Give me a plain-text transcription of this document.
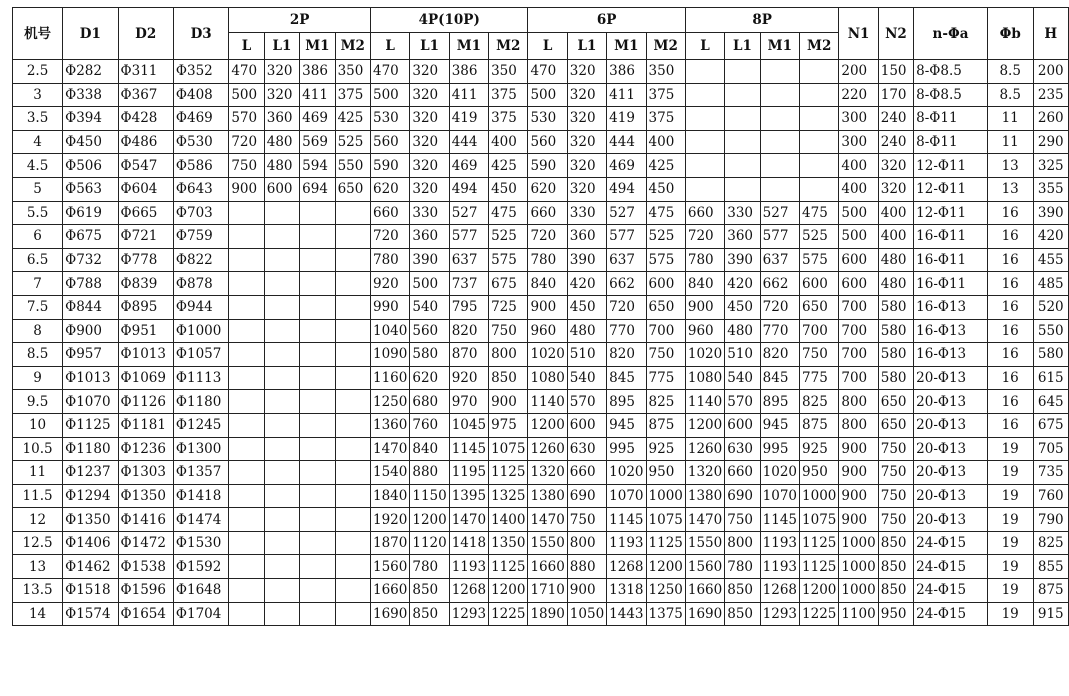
机号	D1	D2	D3	2P				4P(10P)				6P				8P				N1	N2	n-Φa	Φb	H
				L	L1	M1	M2	L	L1	M1	M2	L	L1	M1	M2	L	L1	M1	M2					
2.5	Φ282	Φ311	Φ352	470	320	386	350	470	320	386	350	470	320	386	350					200	150	8-Φ8.5	8.5	200
3	Φ338	Φ367	Φ408	500	320	411	375	500	320	411	375	500	320	411	375					220	170	8-Φ8.5	8.5	235
3.5	Φ394	Φ428	Φ469	570	360	469	425	530	320	419	375	530	320	419	375					300	240	8-Φ11	11	260
4	Φ450	Φ486	Φ530	720	480	569	525	560	320	444	400	560	320	444	400					300	240	8-Φ11	11	290
4.5	Φ506	Φ547	Φ586	750	480	594	550	590	320	469	425	590	320	469	425					400	320	12-Φ11	13	325
5	Φ563	Φ604	Φ643	900	600	694	650	620	320	494	450	620	320	494	450					400	320	12-Φ11	13	355
5.5	Φ619	Φ665	Φ703					660	330	527	475	660	330	527	475	660	330	527	475	500	400	12-Φ11	16	390
6	Φ675	Φ721	Φ759					720	360	577	525	720	360	577	525	720	360	577	525	500	400	16-Φ11	16	420
6.5	Φ732	Φ778	Φ822					780	390	637	575	780	390	637	575	780	390	637	575	600	480	16-Φ11	16	455
7	Φ788	Φ839	Φ878					920	500	737	675	840	420	662	600	840	420	662	600	600	480	16-Φ11	16	485
7.5	Φ844	Φ895	Φ944					990	540	795	725	900	450	720	650	900	450	720	650	700	580	16-Φ13	16	520
8	Φ900	Φ951	Φ1000					1040	560	820	750	960	480	770	700	960	480	770	700	700	580	16-Φ13	16	550
8.5	Φ957	Φ1013	Φ1057					1090	580	870	800	1020	510	820	750	1020	510	820	750	700	580	16-Φ13	16	580
9	Φ1013	Φ1069	Φ1113					1160	620	920	850	1080	540	845	775	1080	540	845	775	700	580	20-Φ13	16	615
9.5	Φ1070	Φ1126	Φ1180					1250	680	970	900	1140	570	895	825	1140	570	895	825	800	650	20-Φ13	16	645
10	Φ1125	Φ1181	Φ1245					1360	760	1045	975	1200	600	945	875	1200	600	945	875	800	650	20-Φ13	16	675
10.5	Φ1180	Φ1236	Φ1300					1470	840	1145	1075	1260	630	995	925	1260	630	995	925	900	750	20-Φ13	19	705
11	Φ1237	Φ1303	Φ1357					1540	880	1195	1125	1320	660	1020	950	1320	660	1020	950	900	750	20-Φ13	19	735
11.5	Φ1294	Φ1350	Φ1418					1840	1150	1395	1325	1380	690	1070	1000	1380	690	1070	1000	900	750	20-Φ13	19	760
12	Φ1350	Φ1416	Φ1474					1920	1200	1470	1400	1470	750	1145	1075	1470	750	1145	1075	900	750	20-Φ13	19	790
12.5	Φ1406	Φ1472	Φ1530					1870	1120	1418	1350	1550	800	1193	1125	1550	800	1193	1125	1000	850	24-Φ15	19	825
13	Φ1462	Φ1538	Φ1592					1560	780	1193	1125	1660	880	1268	1200	1560	780	1193	1125	1000	850	24-Φ15	19	855
13.5	Φ1518	Φ1596	Φ1648					1660	850	1268	1200	1710	900	1318	1250	1660	850	1268	1200	1000	850	24-Φ15	19	875
14	Φ1574	Φ1654	Φ1704					1690	850	1293	1225	1890	1050	1443	1375	1690	850	1293	1225	1100	950	24-Φ15	19	915
